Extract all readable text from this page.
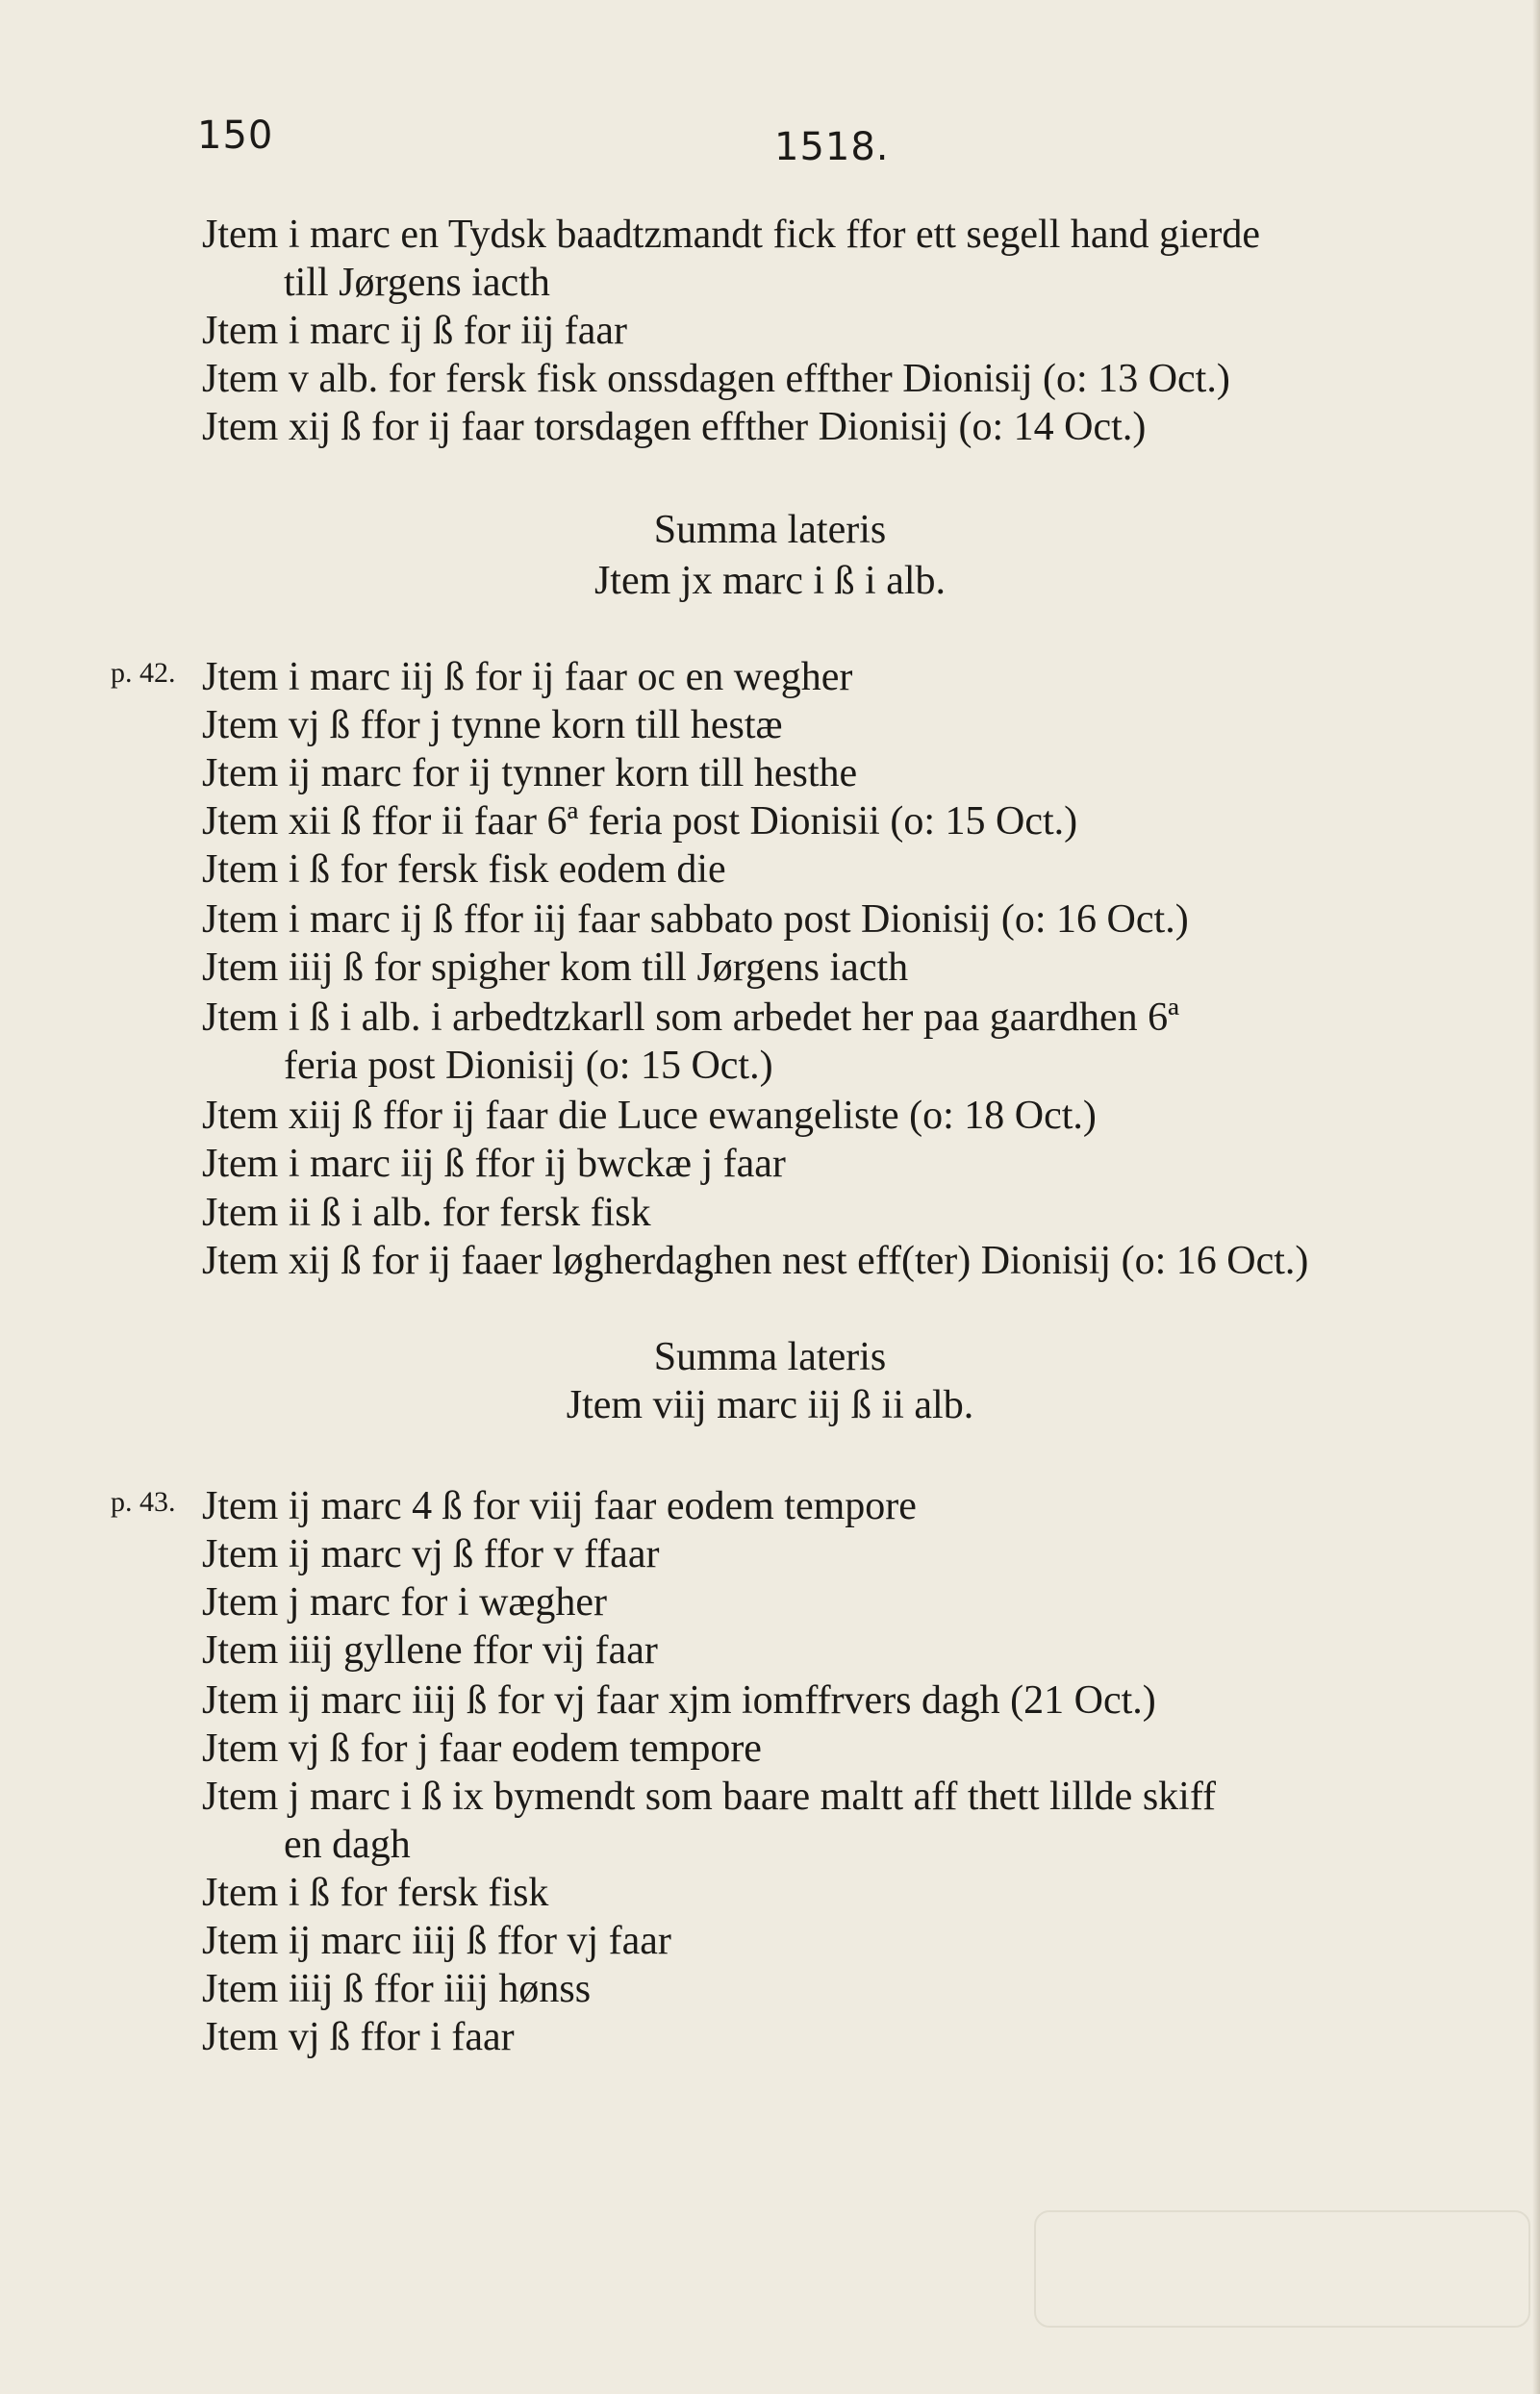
150	1518.
Jtem i marc en Tydsk baadtzmandt fick ffor ett segell hand gierde
till Jørgens iacth
Jtem i marc ij ß for iij faar
Jtem v alb. for fersk fisk onssdagen effther Dionisij (o: 13 Oct.)
Jtem xij ß for ij faar torsdagen effther Dionisij (o: 14 Oct.)
Summa lateris
Jtem jx marc i ß i alb.
p. 42. Jtem i marc iij ß for ij faar oc en wegher
Jtem vj ß ffor j tynne korn till hestæ
Jtem ij marc for ij tynner korn till hesthe
Jtem xii ß ffor ii faar 6ª feria post Dionisii (o: 15 Oct.)
Jtem i ß for fersk fisk eodem die
Jtem i marc ij ß ffor iij faar sabbato post Dionisij (o: 16 Oct.)
Jtem iiij ß for spigher kom till Jørgens iacth
Jtem i ß i alb. i arbedtzkarll som arbedet her paa gaardhen 6ª
feria post Dionisij (o: 15 Oct.)
Jtem xiij ß ffor ij faar die Luce ewangeliste (o: 18 Oct.)
Jtem i marc iij ß ffor ij bwckæ j faar
Jtem ii ß i alb. for fersk fisk
Jtem xij ß for ij faaer løgherdaghen nest eff(ter) Dionisij (o: 16 Oct.)
Summa lateris
Jtem viij marc iij ß ii alb.
p. 43. Jtem ij marc 4 ß for viij faar eodem tempore
Jtem ij marc vj ß ffor v ffaar
Jtem j marc for i wægher
Jtem iiij gyllene ffor vij faar
Jtem ij marc iiij ß for vj faar xjm iomffrvers dagh (21 Oct.)
Jtem vj ß for j faar eodem tempore
Jtem j marc i ß ix bymendt som baare maltt aff thett lillde skiff
en dagh
Jtem i ß for fersk fisk
Jtem ij marc iiij ß ffor vj faar
Jtem iiij ß ffor iiij hønss
Jtem vj ß ffor i faar
